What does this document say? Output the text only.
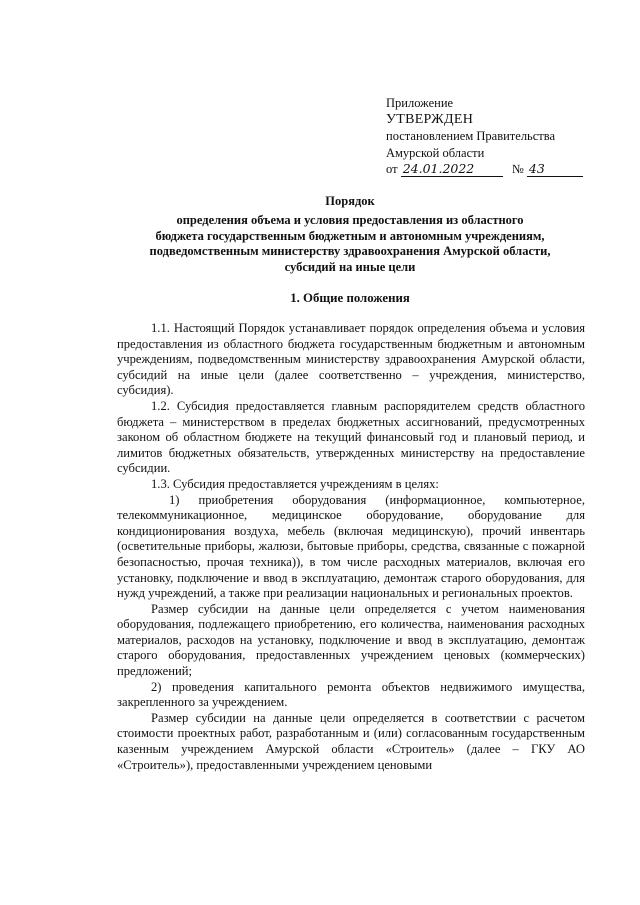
Приложение
УТВЕРЖДЕН
постановлением Правительства
Амурской области
от 24.01.2022	№ 43
Порядок
определения объема и условия предоставления из областного
бюджета государственным бюджетным и автономным учреждениям,
подведомственным министерству здравоохранения Амурской области,
субсидий на иные цели
1. Общие положения

1.1. Настоящий Порядок устанавливает порядок определения объема и условия предоставления из областного бюджета государственным бюджетным и автономным учреждениям, подведомственным министерству здравоохранения Амурской области, субсидий на иные цели (далее соответственно – учреждения, министерство, субсидия).

1.2. Субсидия предоставляется главным распорядителем средств областного бюджета – министерством в пределах бюджетных ассигнований, предусмотренных законом об областном бюджете на текущий финансовый год и плановый период, и лимитов бюджетных обязательств, утвержденных министерству на предоставление субсидии.

1.3. Субсидия предоставляется учреждениям в целях:

1) приобретения оборудования (информационное, компьютерное, телекоммуникационное, медицинское оборудование, оборудование для кондиционирования воздуха, мебель (включая медицинскую), прочий инвентарь (осветительные приборы, жалюзи, бытовые приборы, средства, связанные с пожарной безопасностью, прочая техника)), в том числе расходных материалов, включая его установку, подключение и ввод в эксплуатацию, демонтаж старого оборудования, для нужд учреждений, а также при реализации национальных и региональных проектов.

Размер субсидии на данные цели определяется с учетом наименования оборудования, подлежащего приобретению, его количества, наименования расходных материалов, расходов на установку, подключение и ввод в эксплуатацию, демонтаж старого оборудования, предоставленных учреждением ценовых (коммерческих) предложений;

2) проведения капитального ремонта объектов недвижимого имущества, закрепленного за учреждением.

Размер субсидии на данные цели определяется в соответствии с расчетом стоимости проектных работ, разработанным и (или) согласованным государственным казенным учреждением Амурской области «Строитель» (далее – ГКУ АО «Строитель»), предоставленными учреждением ценовыми
